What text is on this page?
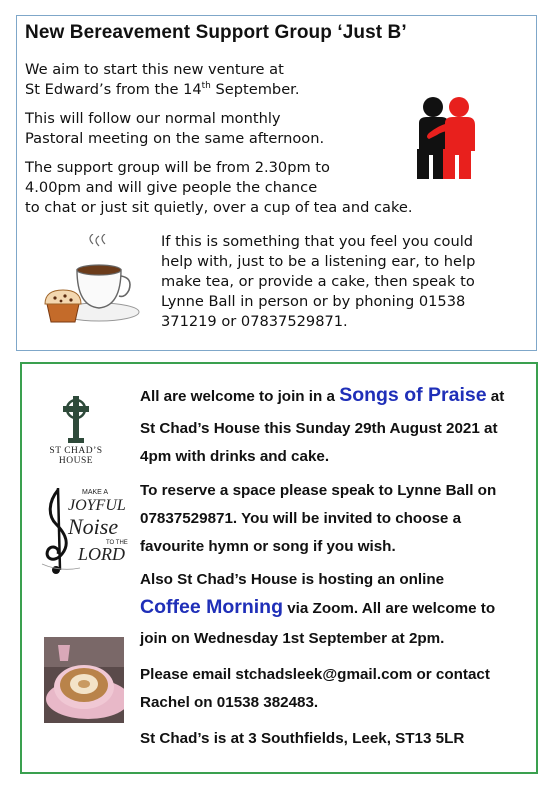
New Bereavement Support Group ‘Just B’
We aim to start this new venture at
St Edward’s from the 14th September.
This will follow our normal monthly
Pastoral meeting on the same afternoon.
The support group will be from 2.30pm to
4.00pm and will give people the chance
to chat or just sit quietly, over a cup of tea and cake.
If this is something that you feel you could
help with, just to be a listening ear, to help
make tea, or provide a cake, then speak to
Lynne Ball in person or by phoning 01538
371219 or 07837529871.
ST CHAD’S
HOUSE
MAKE A
JOYFUL
Noise
TO THE
LORD
All are welcome to join in a Songs of Praise at
St Chad’s House this Sunday 29th August 2021 at
4pm with drinks and cake.
To reserve a space please speak to Lynne Ball on
07837529871. You will be invited to choose a
favourite hymn or song if you wish.
Also St Chad’s House is hosting an online
Coffee Morning via Zoom. All are welcome to
join on Wednesday 1st September at 2pm.
Please email stchadsleek@gmail.com or contact
Rachel on 01538 382483.
St Chad’s is at 3 Southfields, Leek, ST13 5LR
